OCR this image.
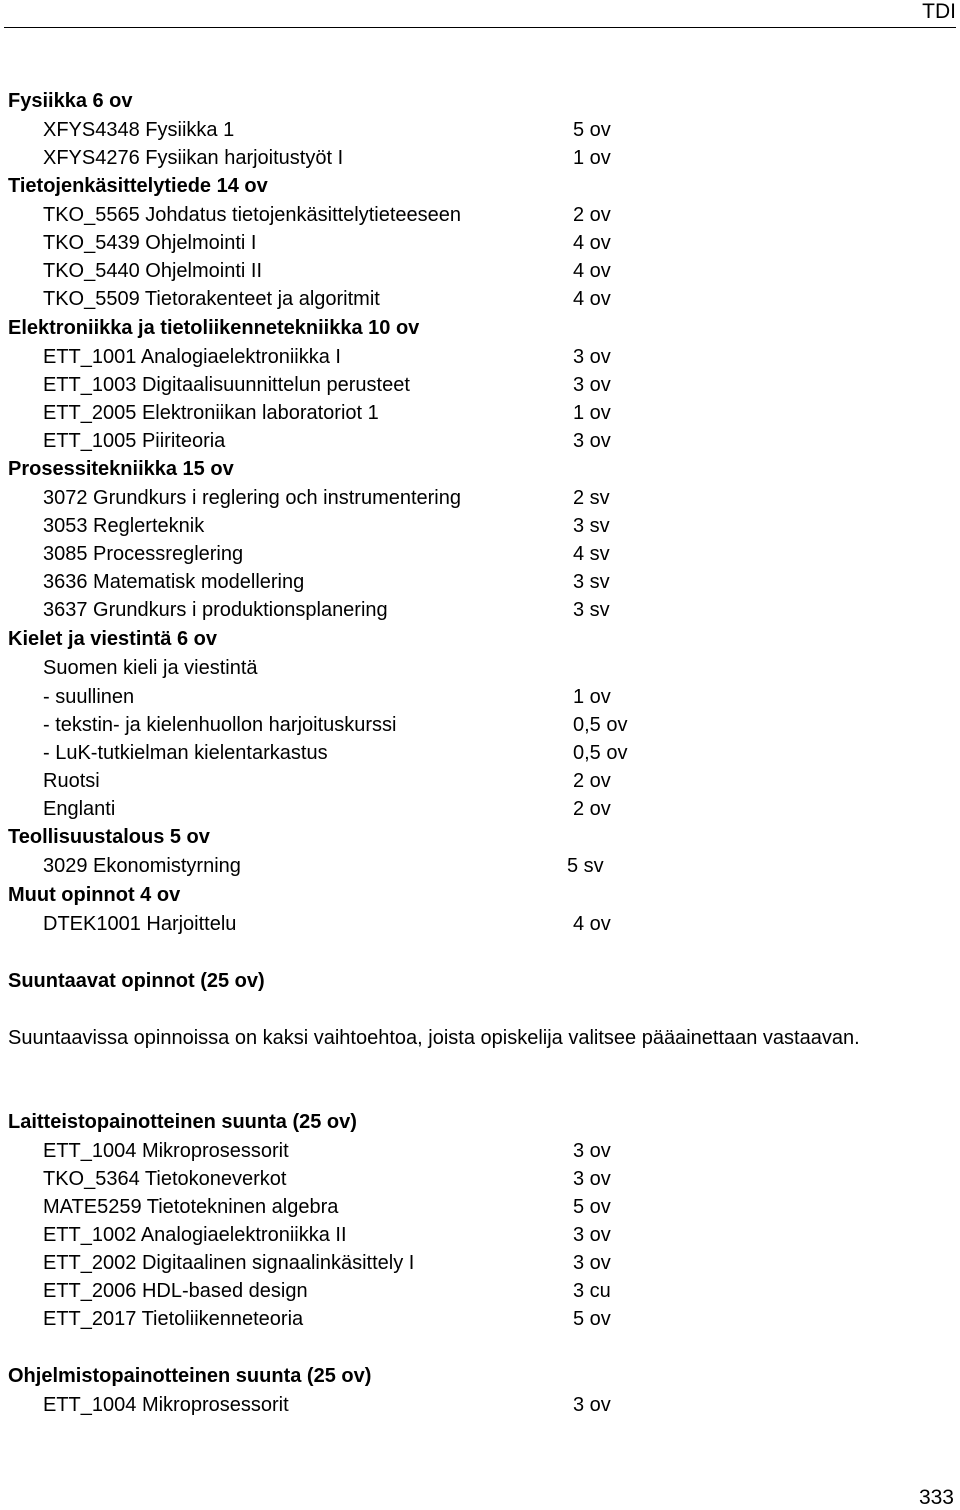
TDI
Fysiikka 6 ov
XFYS4348 Fysiikka 1	5 ov
XFYS4276 Fysiikan harjoitustyöt I	1 ov
Tietojenkäsittelytiede 14 ov
TKO_5565 Johdatus tietojenkäsittelytieteeseen	2 ov
TKO_5439 Ohjelmointi I	4 ov
TKO_5440 Ohjelmointi II	4 ov
TKO_5509 Tietorakenteet ja algoritmit	4 ov
Elektroniikka ja tietoliikennetekniikka 10 ov
ETT_1001 Analogiaelektroniikka I	3 ov
ETT_1003 Digitaalisuunnittelun perusteet	3 ov
ETT_2005 Elektroniikan laboratoriot 1	1 ov
ETT_1005 Piiriteoria	3 ov
Prosessitekniikka 15 ov
3072 Grundkurs i reglering och instrumentering	2 sv
3053 Reglerteknik	3 sv
3085 Processreglering	4 sv
3636 Matematisk modellering	3 sv
3637 Grundkurs i produktionsplanering	3 sv
Kielet ja viestintä 6 ov
Suomen kieli ja viestintä
- suullinen	1 ov
- tekstin- ja kielenhuollon harjoituskurssi	0,5 ov
- LuK-tutkielman kielentarkastus	0,5 ov
Ruotsi	2 ov
Englanti	2 ov
Teollisuustalous 5 ov
3029 Ekonomistyrning	5 sv
Muut opinnot 4 ov
DTEK1001 Harjoittelu	4 ov
Suuntaavat opinnot (25 ov)
Suuntaavissa opinnoissa on kaksi vaihtoehtoa, joista opiskelija valitsee pääainettaan vastaavan.
Laitteistopainotteinen suunta (25 ov)
ETT_1004 Mikroprosessorit	3 ov
TKO_5364 Tietokoneverkot	3 ov
MATE5259 Tietotekninen algebra	5 ov
ETT_1002 Analogiaelektroniikka II	3 ov
ETT_2002 Digitaalinen signaalinkäsittely I	3 ov
ETT_2006 HDL-based design	3 cu
ETT_2017 Tietoliikenneteoria	5 ov
Ohjelmistopainotteinen suunta (25 ov)
ETT_1004 Mikroprosessorit	3 ov
333
